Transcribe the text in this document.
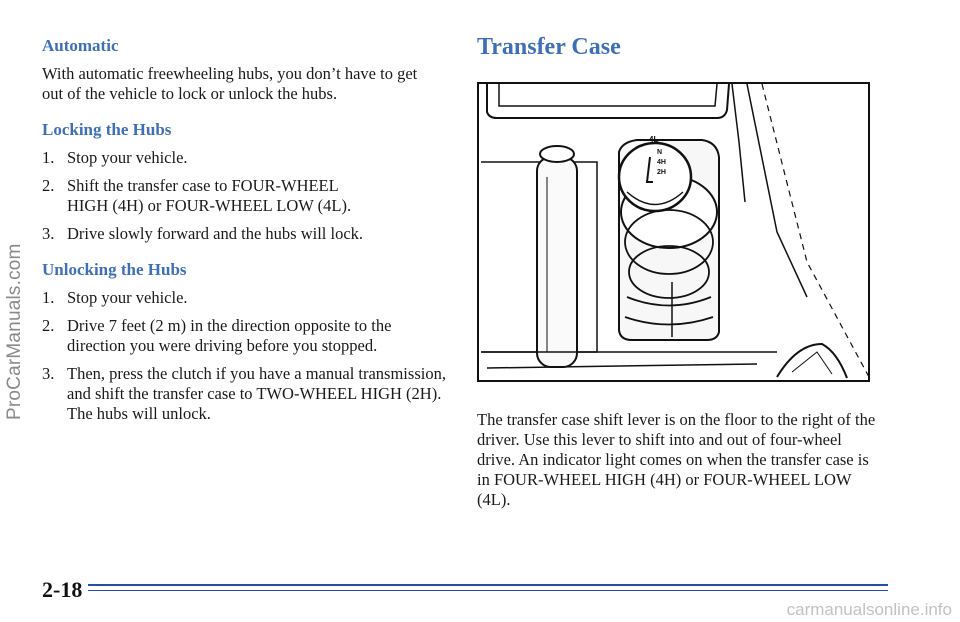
Automatic
With automatic freewheeling hubs, you don’t have to get out of the vehicle to lock or unlock the hubs.
Locking the Hubs
1. Stop your vehicle.
2. Shift the transfer case to FOUR-WHEEL HIGH (4H) or FOUR-WHEEL LOW (4L).
3. Drive slowly forward and the hubs will lock.
Unlocking the Hubs
1. Stop your vehicle.
2. Drive 7 feet (2 m) in the direction opposite to the direction you were driving before you stopped.
3. Then, press the clutch if you have a manual transmission, and shift the transfer case to TWO-WHEEL HIGH (2H). The hubs will unlock.
Transfer Case
4L
N
4H
2H
The transfer case shift lever is on the floor to the right of the driver. Use this lever to shift into and out of four-wheel drive. An indicator light comes on when the transfer case is in FOUR-WHEEL HIGH (4H) or FOUR-WHEEL LOW (4L).
2-18
ProCarManuals.com
carmanualsonline.info
